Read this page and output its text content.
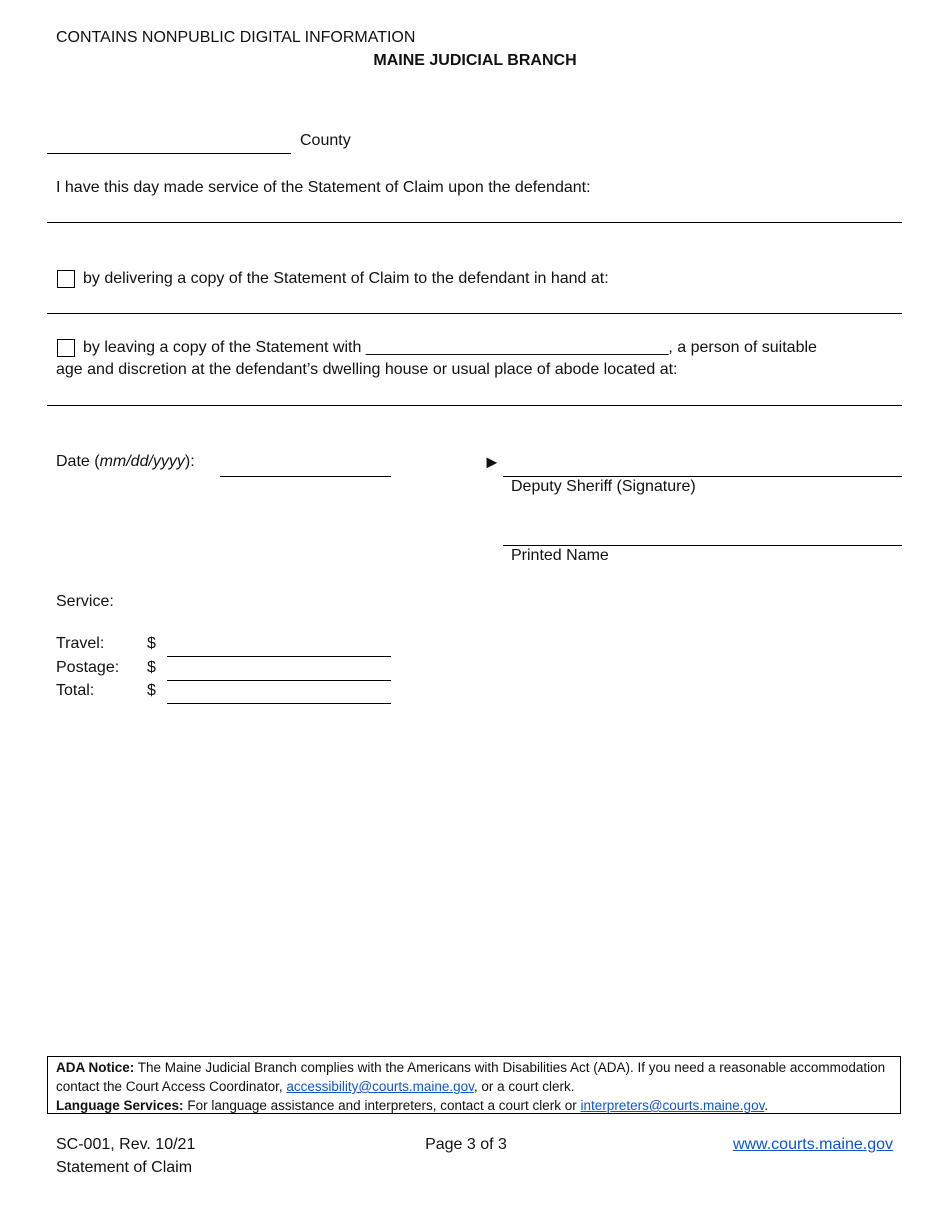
CONTAINS NONPUBLIC DIGITAL INFORMATION
MAINE JUDICIAL BRANCH
County
I have this day made service of the Statement of Claim upon the defendant:
by delivering a copy of the Statement of Claim to the defendant in hand at:
by leaving a copy of the Statement with __________________________________, a person of suitable
age and discretion at the defendant’s dwelling house or usual place of abode located at:
Date (mm/dd/yyyy):	►
Deputy Sheriff (Signature)
Printed Name
Service:
Travel:	$
Postage: $
Total:	$

ADA Notice: The Maine Judicial Branch complies with the Americans with Disabilities Act (ADA). If you need a reasonable accommodation contact the Court Access Coordinator, accessibility@courts.maine.gov, or a court clerk.

Language Services: For language assistance and interpreters, contact a court clerk or interpreters@courts.maine.gov.

SC-001, Rev. 10/21
Statement of Claim
Page 3 of 3	www.courts.maine.gov
